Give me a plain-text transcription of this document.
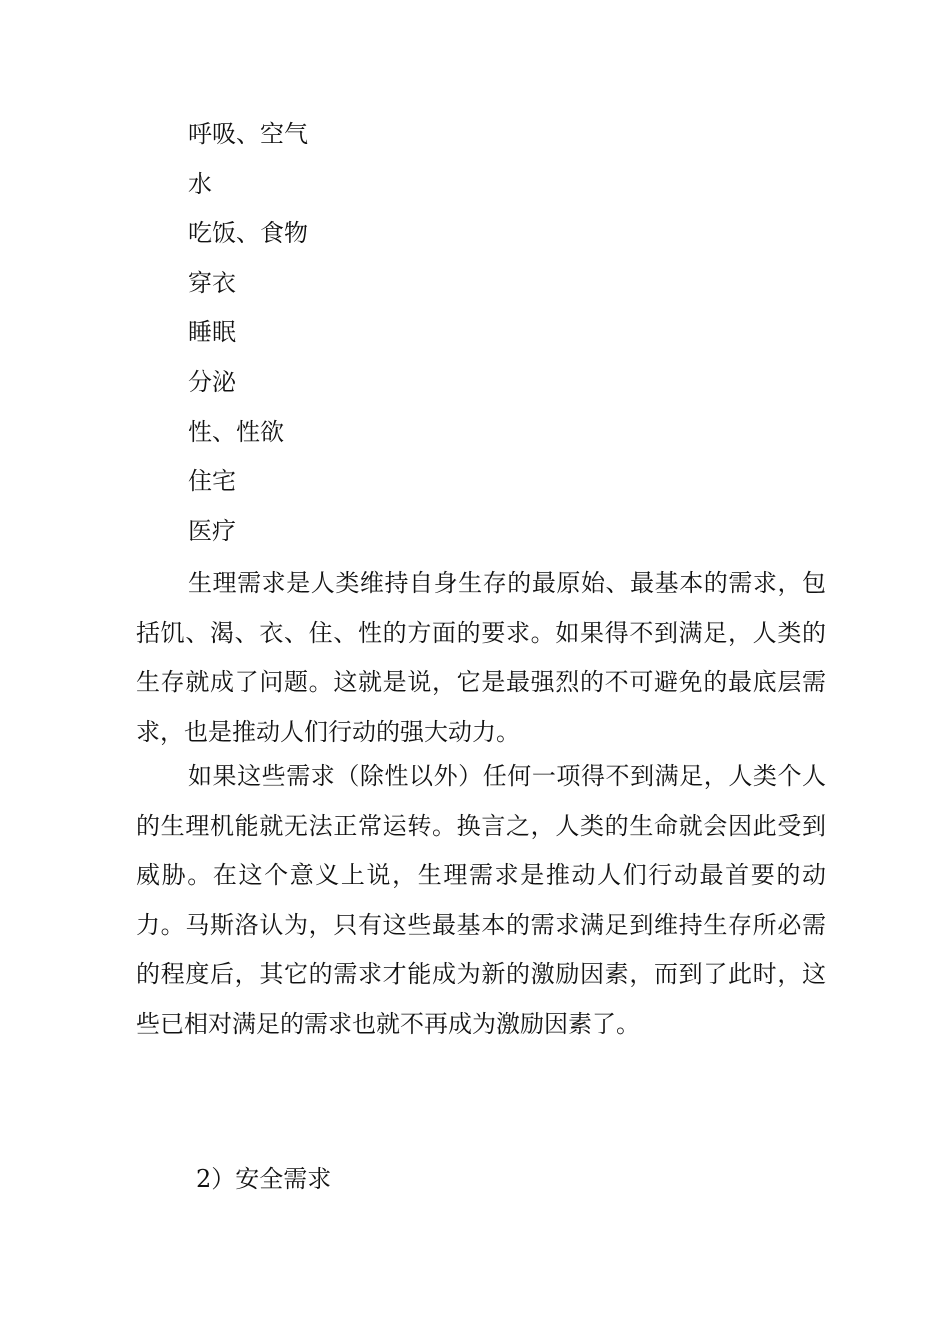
呼吸、空气
水
吃饭、食物
穿衣
睡眠
分泌
性、性欲
住宅
医疗

生理需求是人类维持自身生存的最原始、最基本的需求，包括饥、渴、衣、住、性的方面的要求。如果得不到满足，人类的生存就成了问题。这就是说，它是最强烈的不可避免的最底层需求，也是推动人们行动的强大动力。

如果这些需求（除性以外）任何一项得不到满足，人类个人的生理机能就无法正常运转。换言之，人类的生命就会因此受到威胁。在这个意义上说，生理需求是推动人们行动最首要的动力。马斯洛认为，只有这些最基本的需求满足到维持生存所必需的程度后，其它的需求才能成为新的激励因素，而到了此时，这些已相对满足的需求也就不再成为激励因素了。

2）安全需求
